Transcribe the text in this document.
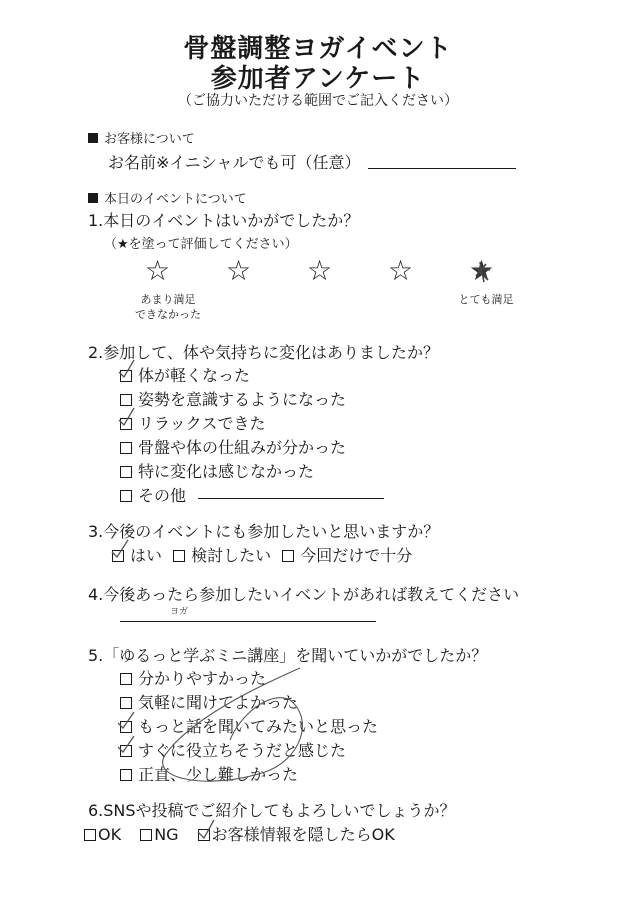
骨盤調整ヨガイベント
参加者アンケート
（ご協力いただける範囲でご記入ください）
お客様について
お名前※イニシャルでも可（任意）
本日のイベントについて
1.本日のイベントはいかがでしたか？
（★を塗って評価してください）
☆ ☆ ☆ ☆ ★
あまり満足
できなかった
とても満足
2.参加して、体や気持ちに変化はありましたか？
体が軽くなった
姿勢を意識するようになった
リラックスできた
骨盤や体の仕組みが分かった
特に変化は感じなかった
その他
3.今後のイベントにも参加したいと思いますか？
はい 検討したい 今回だけで十分
4.今後あったら参加したいイベントがあれば教えてください
ヨガ
5.「ゆるっと学ぶミニ講座」を聞いていかがでしたか？
分かりやすかった
気軽に聞けてよかった
もっと話を聞いてみたいと思った
すぐに役立ちそうだと感じた
正直、少し難しかった
6.SNSや投稿でご紹介してもよろしいでしょうか？
OK NG お客様情報を隠したらOK
